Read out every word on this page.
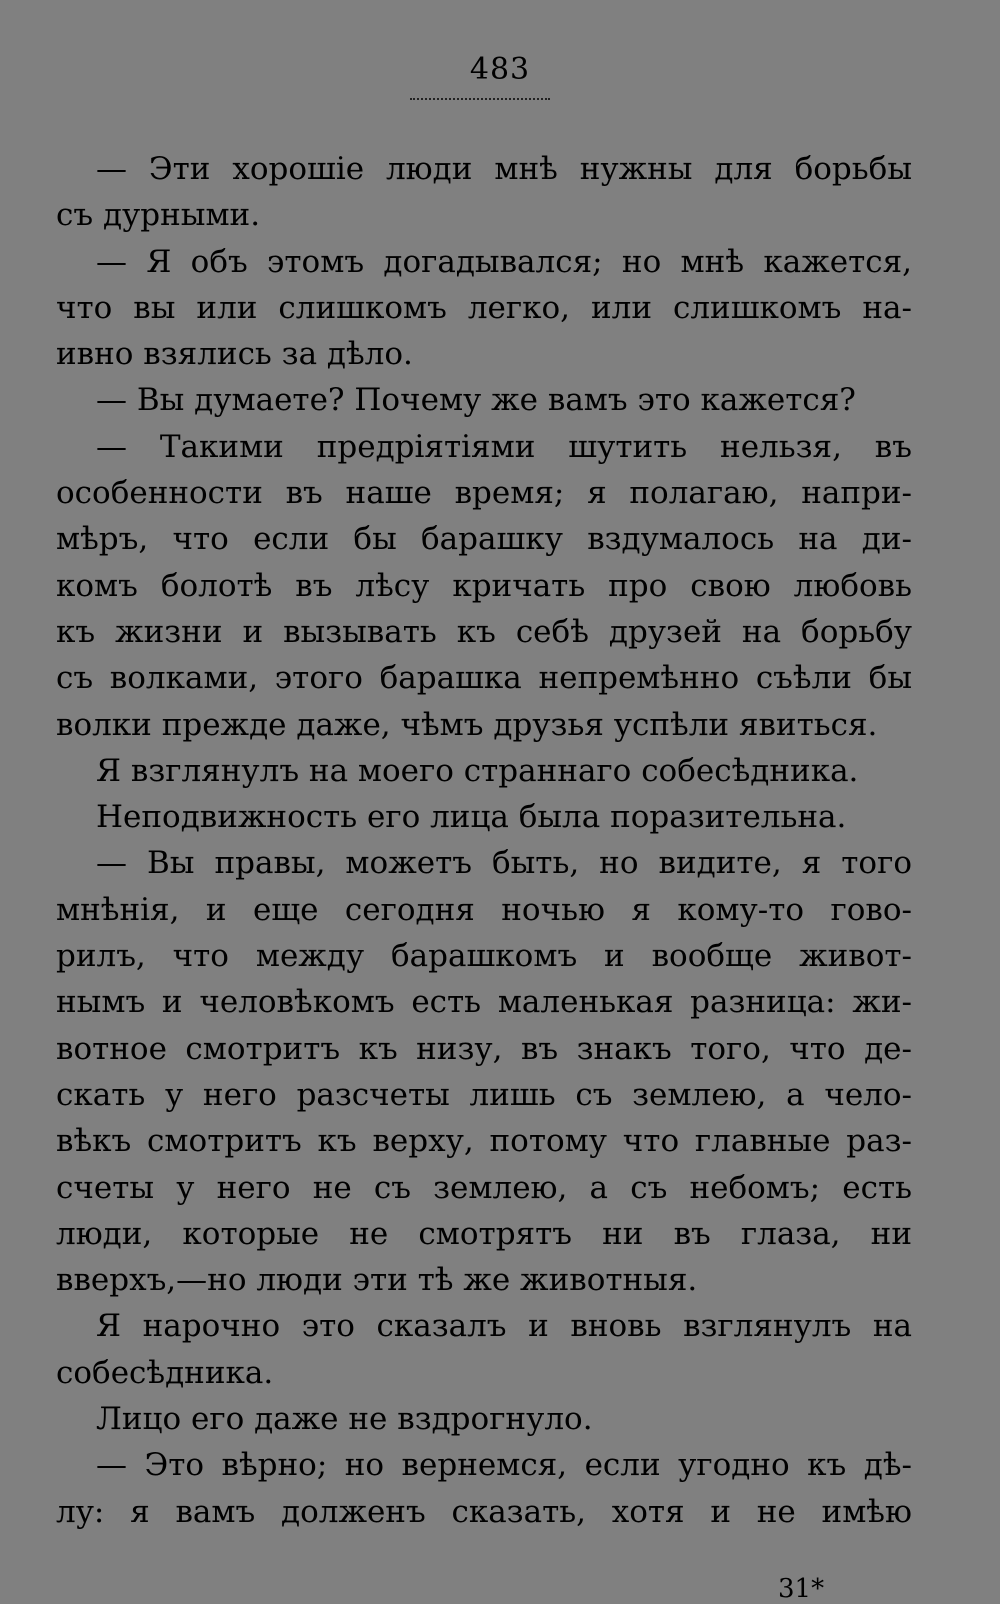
483
— Эти хорошіе люди мнѣ нужны для борьбы
съ дурными.
— Я объ этомъ догадывался; но мнѣ кажется,
что вы или слишкомъ легко, или слишкомъ на-
ивно взялись за дѣло.
— Вы думаете? Почему же вамъ это кажется?
— Такими предріятіями шутить нельзя, въ
особенности въ наше время; я полагаю, напри-
мѣръ, что если бы барашку вздумалось на ди-
комъ болотѣ въ лѣсу кричать про свою любовь
къ жизни и вызывать къ себѣ друзей на борьбу
съ волками, этого барашка непремѣнно съѣли бы
волки прежде даже, чѣмъ друзья успѣли явиться.
Я взглянулъ на моего страннаго собесѣдника.
Неподвижность его лица была поразительна.
— Вы правы, можетъ быть, но видите, я того
мнѣнія, и еще сегодня ночью я кому-то гово-
рилъ, что между барашкомъ и вообще живот-
нымъ и человѣкомъ есть маленькая разница: жи-
вотное смотритъ къ низу, въ знакъ того, что де-
скать у него разсчеты лишь съ землею, а чело-
вѣкъ смотритъ къ верху, потому что главные раз-
счеты у него не съ землею, а съ небомъ; есть
люди, которые не смотрятъ ни въ глаза, ни
вверхъ,—но люди эти тѣ же животныя.
Я нарочно это сказалъ и вновь взглянулъ на
собесѣдника.
Лицо его даже не вздрогнуло.
— Это вѣрно; но вернемся, если угодно къ дѣ-
лу: я вамъ долженъ сказать, хотя и не имѣю
31*
